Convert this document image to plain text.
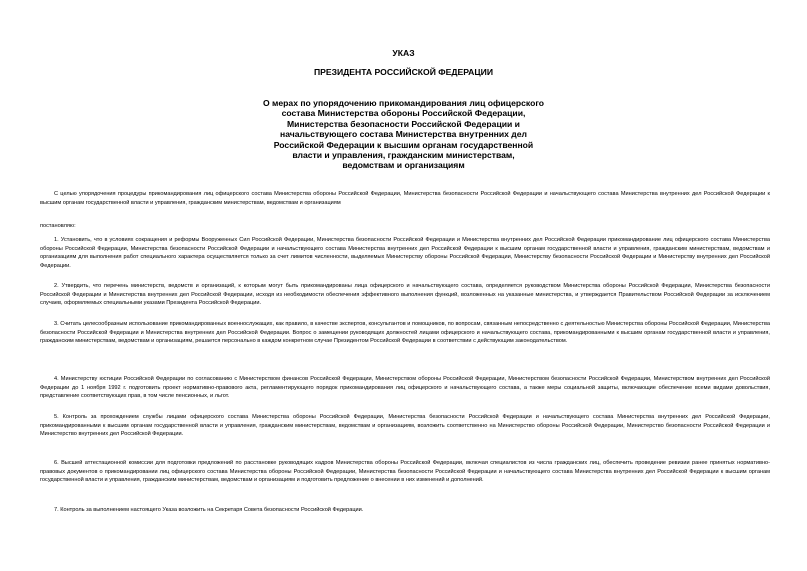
УКАЗ
ПРЕЗИДЕНТА РОССИЙСКОЙ ФЕДЕРАЦИИ
О мерах по упорядочению прикомандирования лиц офицерского
состава Министерства обороны Российской Федерации,
Министерства безопасности Российской Федерации и
начальствующего состава Министерства внутренних дел
Российской Федерации к высшим органам государственной
власти и управления, гражданским министерствам,
ведомствам и организациям

С целью упорядочения процедуры прикомандирования лиц офицерского состава Министерства обороны Российской Федерации, Министерства безопасности Российской Федерации и начальствующего состава Министерства внутренних дел Российской Федерации к высшим органам государственной власти и управления, гражданским министерствам, ведомствам и организациям

постановляю:

1. Установить, что в условиях сокращения и реформы Вооруженных Сил Российской Федерации, Министерства безопасности Российской Федерации и Министерства внутренних дел Российской Федерации прикомандирование лиц офицерского состава Министерства обороны Российской Федерации, Министерства безопасности Российской Федерации и начальствующего состава Министерства внутренних дел Российской Федерации к высшим органам государственной власти и управления, гражданским министерствам, ведомствам и организациям для выполнения работ специального характера осуществляется только за счет лимитов численности, выделяемых Министерству обороны Российской Федерации, Министерству безопасности Российской Федерации и Министерству внутренних дел Российской Федерации.

2. Утвердить, что перечень министерств, ведомств и организаций, к которым могут быть прикомандированы лица офицерского и начальствующего состава, определяется руководством Министерства обороны Российской Федерации, Министерства безопасности Российской Федерации и Министерства внутренних дел Российской Федерации, исходя из необходимости обеспечения эффективного выполнения функций, возложенных на указанные министерства, и утверждается Правительством Российской Федерации за исключением случаев, оформляемых специальными указами Президента Российской Федерации.

3. Считать целесообразным использование прикомандированных военнослужащих, как правило, в качестве экспертов, консультантов и помощников, по вопросам, связанным непосредственно с деятельностью Министерства обороны Российской Федерации, Министерства безопасности Российской Федерации и Министерства внутренних дел Российской Федерации. Вопрос о замещении руководящих должностей лицами офицерского и начальствующего состава, прикомандированными к высшим органам государственной власти и управления, гражданским министерствам, ведомствам и организациям, решается персонально в каждом конкретном случае Президентом Российской Федерации в соответствии с действующим законодательством.

4. Министерству юстиции Российской Федерации по согласованию с Министерством финансов Российской Федерации, Министерством обороны Российской Федерации, Министерством безопасности Российской Федерации, Министерством внутренних дел Российской Федерации до 1 ноября 1992 г. подготовить проект нормативно-правового акта, регламентирующего порядок прикомандирования лиц офицерского и начальствующего состава, а также меры социальной защиты, включающие обеспечение всеми видами довольствия, представление соответствующих прав, в том числе пенсионных, и льгот.

5. Контроль за прохождением службы лицами офицерского состава Министерства обороны Российской Федерации, Министерства безопасности Российской Федерации и начальствующего состава Министерства внутренних дел Российской Федерации, прикомандированными к высшим органам государственной власти и управления, гражданским министерствам, ведомствам и организациям, возложить соответственно на Министерство обороны Российской Федерации, Министерство безопасности Российской Федерации и Министерство внутренних дел Российской Федерации.

6. Высшей аттестационной комиссии для подготовки предложений по расстановке руководящих кадров Министерства обороны Российской Федерации, включая специалистов из числа гражданских лиц, обеспечить проведение ревизии ранее принятых нормативно-правовых документов о прикомандировании лиц офицерского состава Министерства обороны Российской Федерации, Министерства безопасности Российской Федерации и начальствующего состава Министерства внутренних дел Российской Федерации к высшим органам государственной власти и управления, гражданским министерствам, ведомствам и организациям и подготовить предложение о внесении в них изменений и дополнений.

7. Контроль за выполнением настоящего Указа возложить на Секретаря Совета безопасности Российской Федерации.
